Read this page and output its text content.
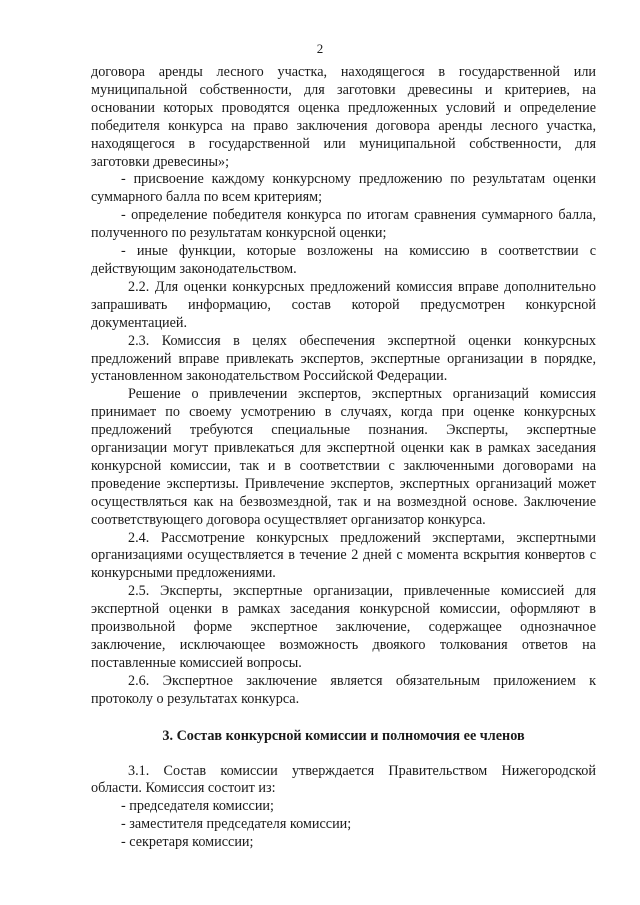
2

договора аренды лесного участка, находящегося в государственной или муниципальной собственности, для заготовки древесины и критериев, на основании которых проводятся оценка предложенных условий и определение победителя конкурса на право заключения договора аренды лесного участка, находящегося в государственной или муниципальной собственности, для заготовки древесины»;

- присвоение каждому конкурсному предложению по результатам оценки суммарного балла по всем критериям;

- определение победителя конкурса по итогам сравнения суммарного балла, полученного по результатам конкурсной оценки;

- иные функции, которые возложены на комиссию в соответствии с действующим законодательством.

2.2. Для оценки конкурсных предложений комиссия вправе дополнительно запрашивать информацию, состав которой предусмотрен конкурсной документацией.

2.3. Комиссия в целях обеспечения экспертной оценки конкурсных предложений вправе привлекать экспертов, экспертные организации в порядке, установленном законодательством Российской Федерации.

Решение о привлечении экспертов, экспертных организаций комиссия принимает по своему усмотрению в случаях, когда при оценке конкурсных предложений требуются специальные познания. Эксперты, экспертные организации могут привлекаться для экспертной оценки как в рамках заседания конкурсной комиссии, так и в соответствии с заключенными договорами на проведение экспертизы. Привлечение экспертов, экспертных организаций может осуществляться как на безвозмездной, так и на возмездной основе. Заключение соответствующего договора осуществляет организатор конкурса.

2.4. Рассмотрение конкурсных предложений экспертами, экспертными организациями осуществляется в течение 2 дней с момента вскрытия конвертов с конкурсными предложениями.

2.5. Эксперты, экспертные организации, привлеченные комиссией для экспертной оценки в рамках заседания конкурсной комиссии, оформляют в произвольной форме экспертное заключение, содержащее однозначное заключение, исключающее возможность двоякого толкования ответов на поставленные комиссией вопросы.

2.6. Экспертное заключение является обязательным приложением к протоколу о результатах конкурса.

3. Состав конкурсной комиссии и полномочия ее членов

3.1. Состав комиссии утверждается Правительством Нижегородской области. Комиссия состоит из:

- председателя комиссии;

- заместителя председателя комиссии;

- секретаря комиссии;
